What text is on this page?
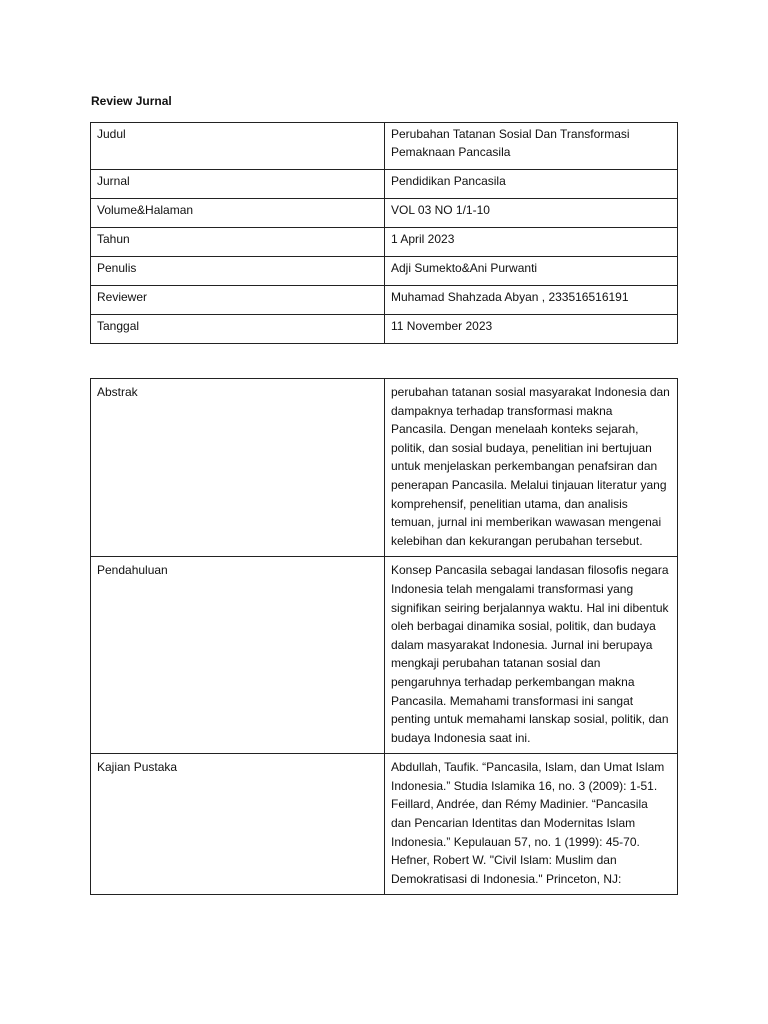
Review Jurnal
Judul	Perubahan Tatanan Sosial Dan Transformasi Pemaknaan Pancasila
Jurnal	Pendidikan Pancasila
Volume&Halaman	VOL 03 NO 1/1-10
Tahun	1 April 2023
Penulis	Adji Sumekto&Ani Purwanti
Reviewer	Muhamad Shahzada Abyan , 233516516191
Tanggal	11 November 2023
Abstrak	perubahan tatanan sosial masyarakat Indonesia dan dampaknya terhadap transformasi makna Pancasila. Dengan menelaah konteks sejarah, politik, dan sosial budaya, penelitian ini bertujuan untuk menjelaskan perkembangan penafsiran dan penerapan Pancasila. Melalui tinjauan literatur yang komprehensif, penelitian utama, dan analisis temuan, jurnal ini memberikan wawasan mengenai kelebihan dan kekurangan perubahan tersebut.
Pendahuluan	Konsep Pancasila sebagai landasan filosofis negara Indonesia telah mengalami transformasi yang signifikan seiring berjalannya waktu. Hal ini dibentuk oleh berbagai dinamika sosial, politik, dan budaya dalam masyarakat Indonesia. Jurnal ini berupaya mengkaji perubahan tatanan sosial dan pengaruhnya terhadap perkembangan makna Pancasila. Memahami transformasi ini sangat penting untuk memahami lanskap sosial, politik, dan budaya Indonesia saat ini.
Kajian Pustaka	Abdullah, Taufik. “Pancasila, Islam, dan Umat Islam Indonesia.” Studia Islamika 16, no. 3 (2009): 1-51.
Feillard, Andrée, dan Rémy Madinier. “Pancasila dan Pencarian Identitas dan Modernitas Islam Indonesia.” Kepulauan 57, no. 1 (1999): 45-70.
Hefner, Robert W. "Civil Islam: Muslim dan Demokratisasi di Indonesia." Princeton, NJ:
